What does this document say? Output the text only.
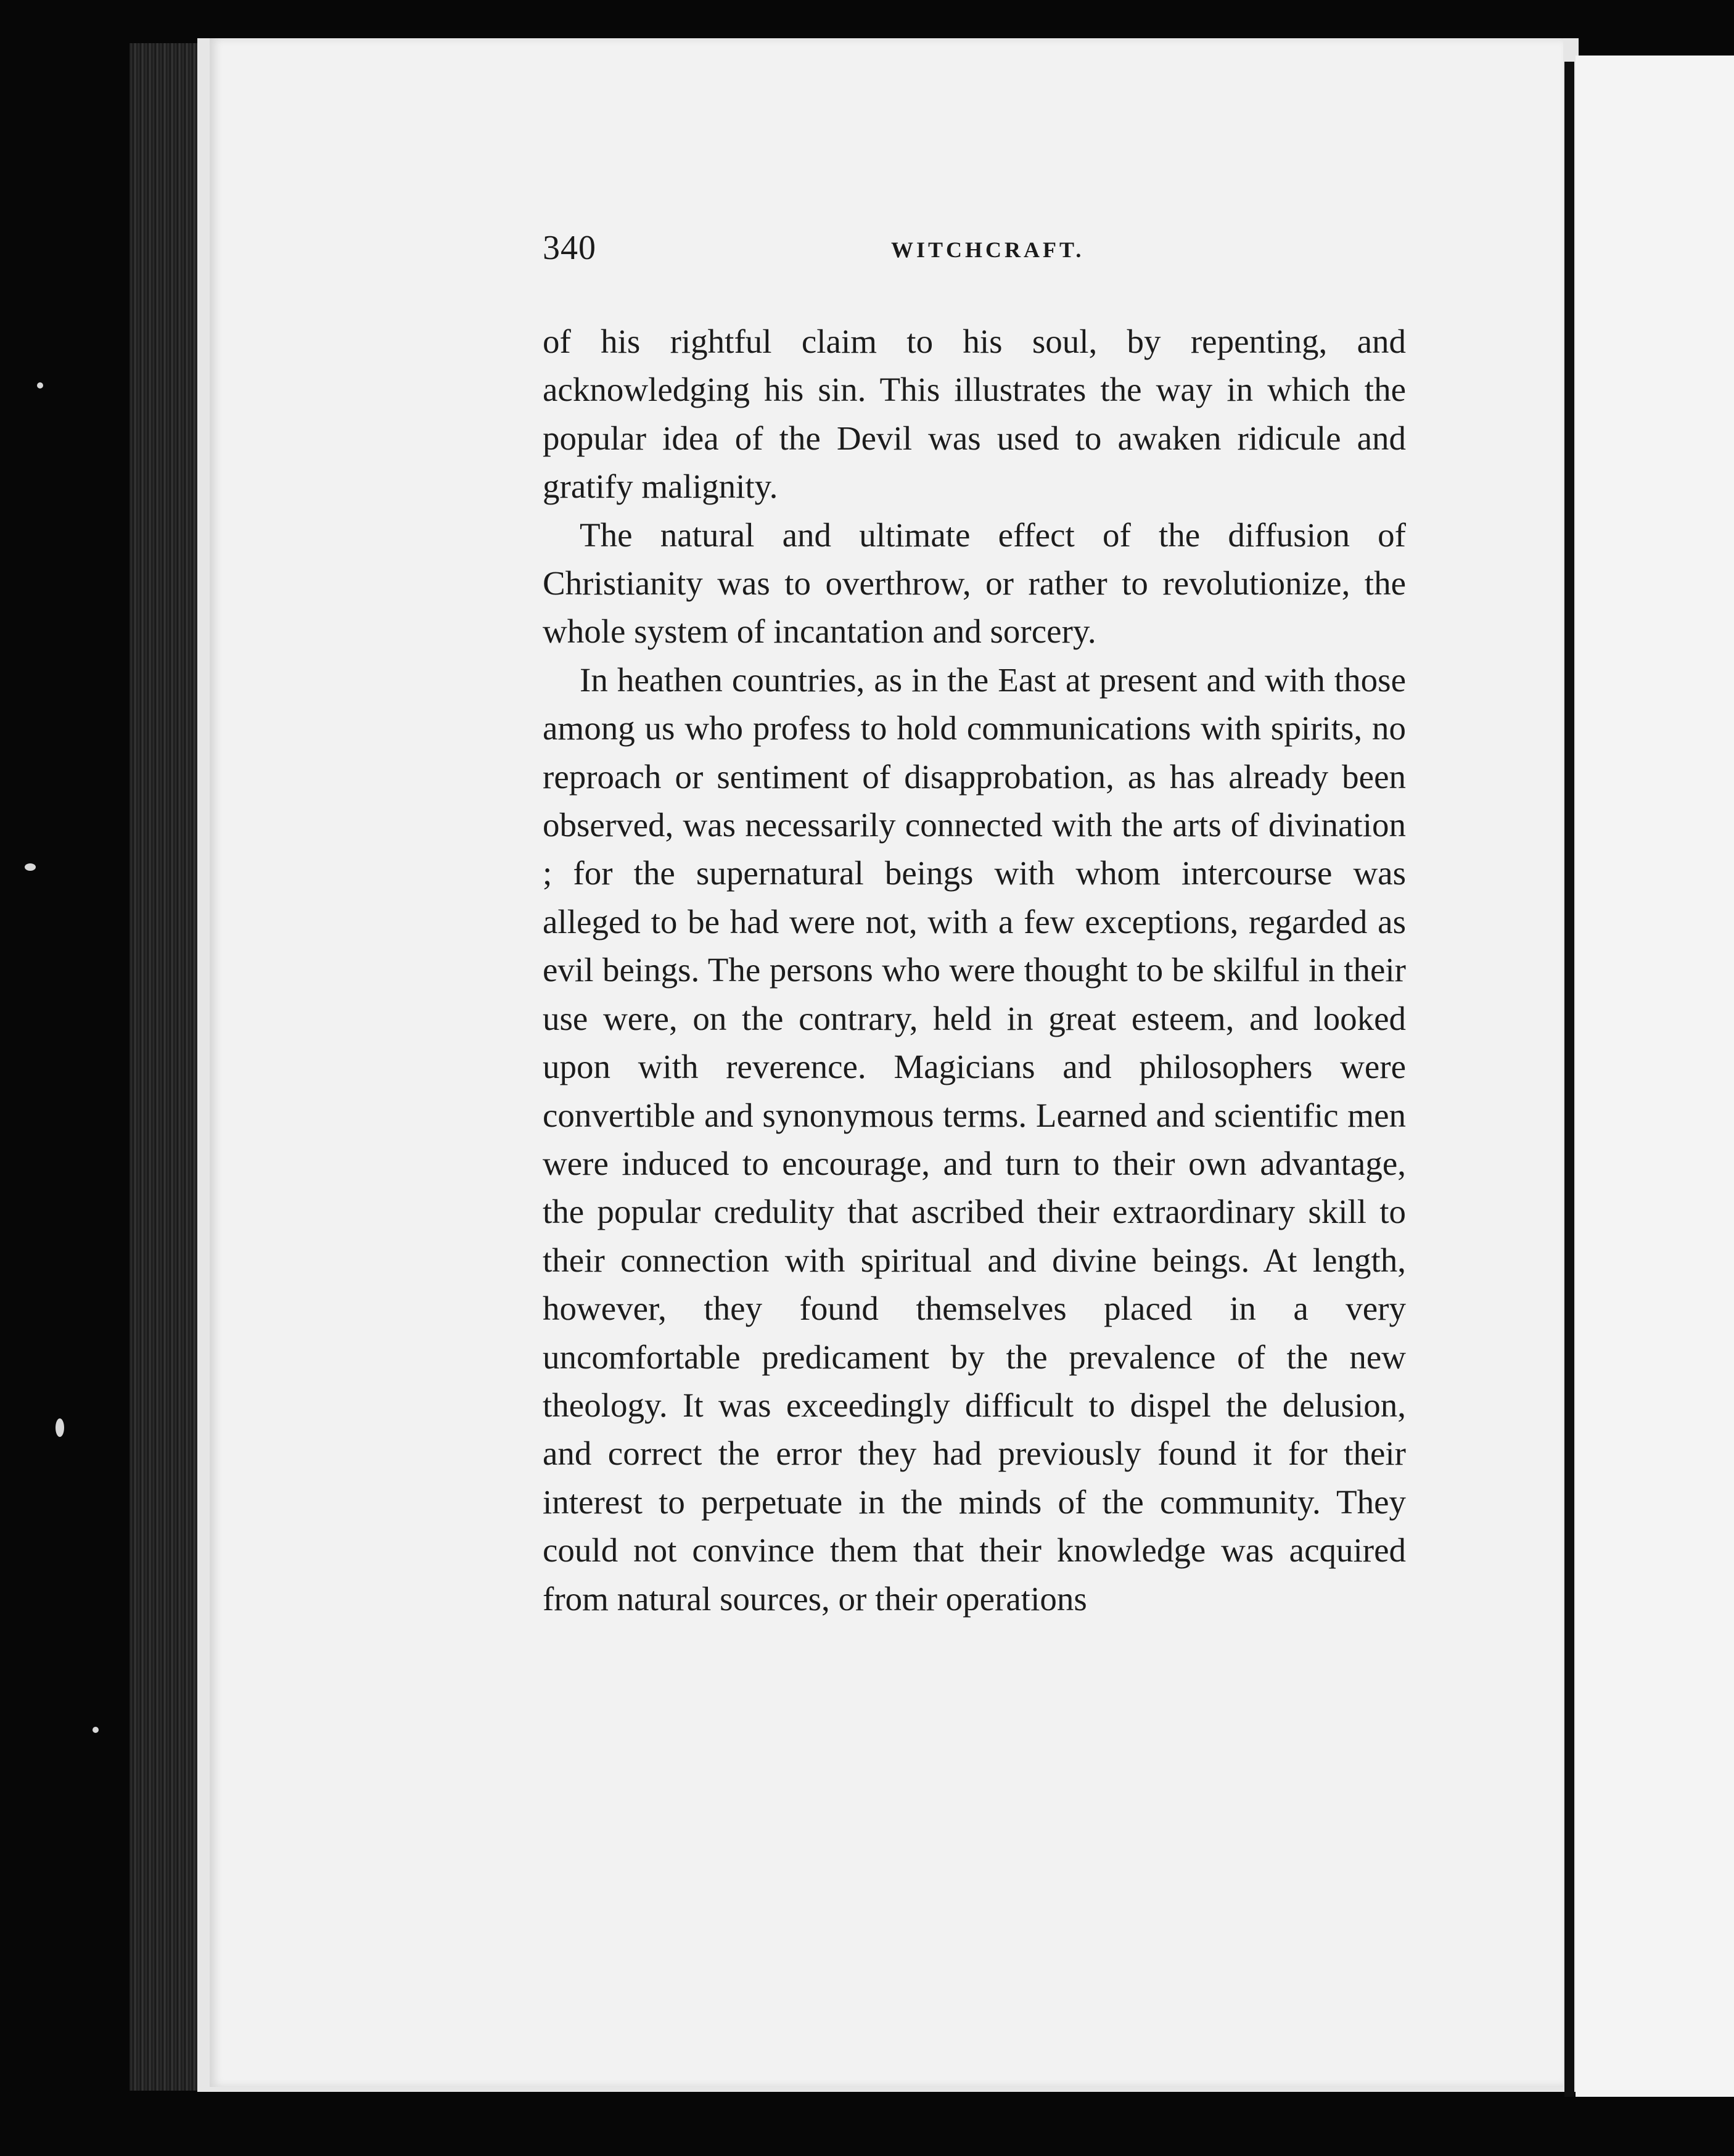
340	WITCHCRAFT.

of his rightful claim to his soul, by repenting, and acknowledging his sin. This illustrates the way in which the popular idea of the Devil was used to awaken ridicule and gratify malignity.

The natural and ultimate effect of the diffusion of Christianity was to overthrow, or rather to revolutionize, the whole system of incantation and sorcery.

In heathen countries, as in the East at present and with those among us who profess to hold communications with spirits, no reproach or sentiment of disapprobation, as has already been observed, was necessarily connected with the arts of divination ; for the supernatural beings with whom intercourse was alleged to be had were not, with a few exceptions, regarded as evil beings. The persons who were thought to be skilful in their use were, on the contrary, held in great esteem, and looked upon with reverence. Magicians and philosophers were convertible and synonymous terms. Learned and scientific men were induced to encourage, and turn to their own advantage, the popular credulity that ascribed their extraordinary skill to their connection with spiritual and divine beings. At length, however, they found themselves placed in a very uncomfortable predicament by the prevalence of the new theology. It was exceedingly difficult to dispel the delusion, and correct the error they had previously found it for their interest to perpetuate in the minds of the community. They could not convince them that their knowledge was acquired from natural sources, or their operations
